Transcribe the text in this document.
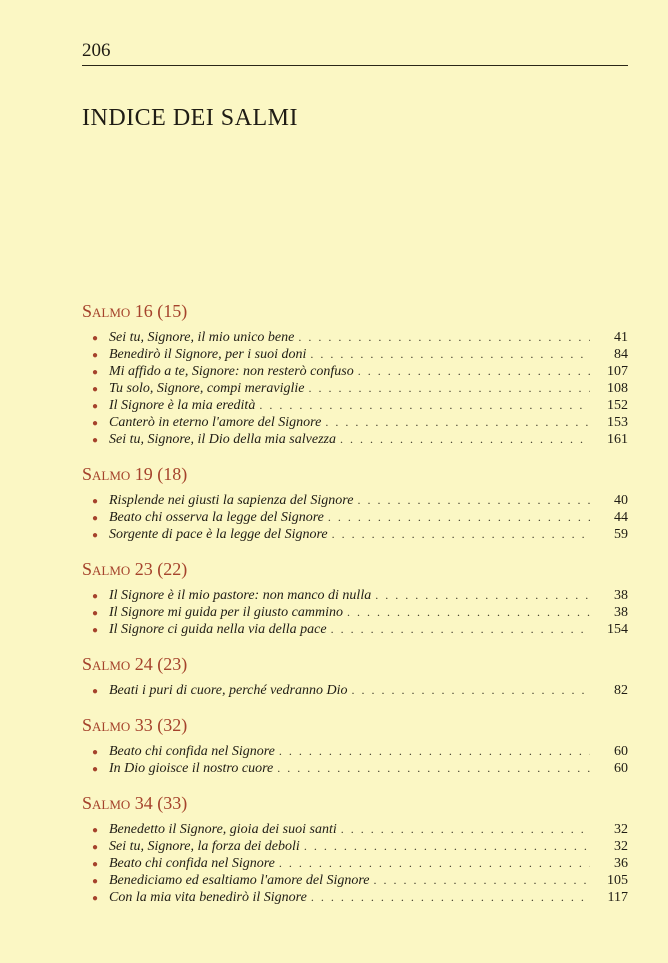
206
INDICE DEI SALMI
Salmo 16 (15)
● Sei tu, Signore, il mio unico bene . . .	41
● Benedirò il Signore, per i suoi doni . . .	84
● Mi affido a te, Signore: non resterò confuso . . .	107
● Tu solo, Signore, compi meraviglie . . .	108
● Il Signore è la mia eredità . . .	152
● Canterò in eterno l'amore del Signore . . .	153
● Sei tu, Signore, il Dio della mia salvezza . . .	161
Salmo 19 (18)
● Risplende nei giusti la sapienza del Signore . . .	40
● Beato chi osserva la legge del Signore . . .	44
● Sorgente di pace è la legge del Signore . . .	59
Salmo 23 (22)
● Il Signore è il mio pastore: non manco di nulla . . .	38
● Il Signore mi guida per il giusto cammino . . .	38
● Il Signore ci guida nella via della pace . . .	154
Salmo 24 (23)
● Beati i puri di cuore, perché vedranno Dio . . .	82
Salmo 33 (32)
● Beato chi confida nel Signore . . .	60
● In Dio gioisce il nostro cuore . . .	60
Salmo 34 (33)
● Benedetto il Signore, gioia dei suoi santi . . .	32
● Sei tu, Signore, la forza dei deboli . . .	32
● Beato chi confida nel Signore . . .	36
● Benediciamo ed esaltiamo l'amore del Signore . . .	105
● Con la mia vita benedirò il Signore . . .	117
